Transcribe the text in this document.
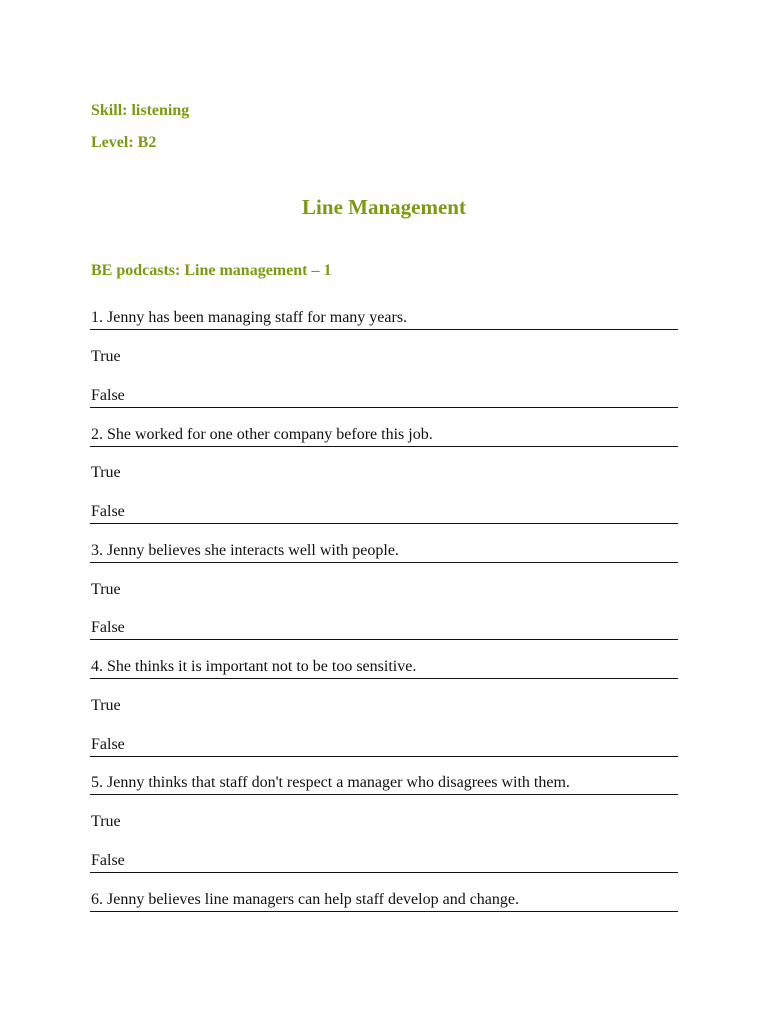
Skill: listening
Level: B2
Line Management
BE podcasts: Line management – 1
1. Jenny has been managing staff for many years.
True
False
2. She worked for one other company before this job.
True
False
3. Jenny believes she interacts well with people.
True
False
4. She thinks it is important not to be too sensitive.
True
False
5. Jenny thinks that staff don't respect a manager who disagrees with them.
True
False
6. Jenny believes line managers can help staff develop and change.
